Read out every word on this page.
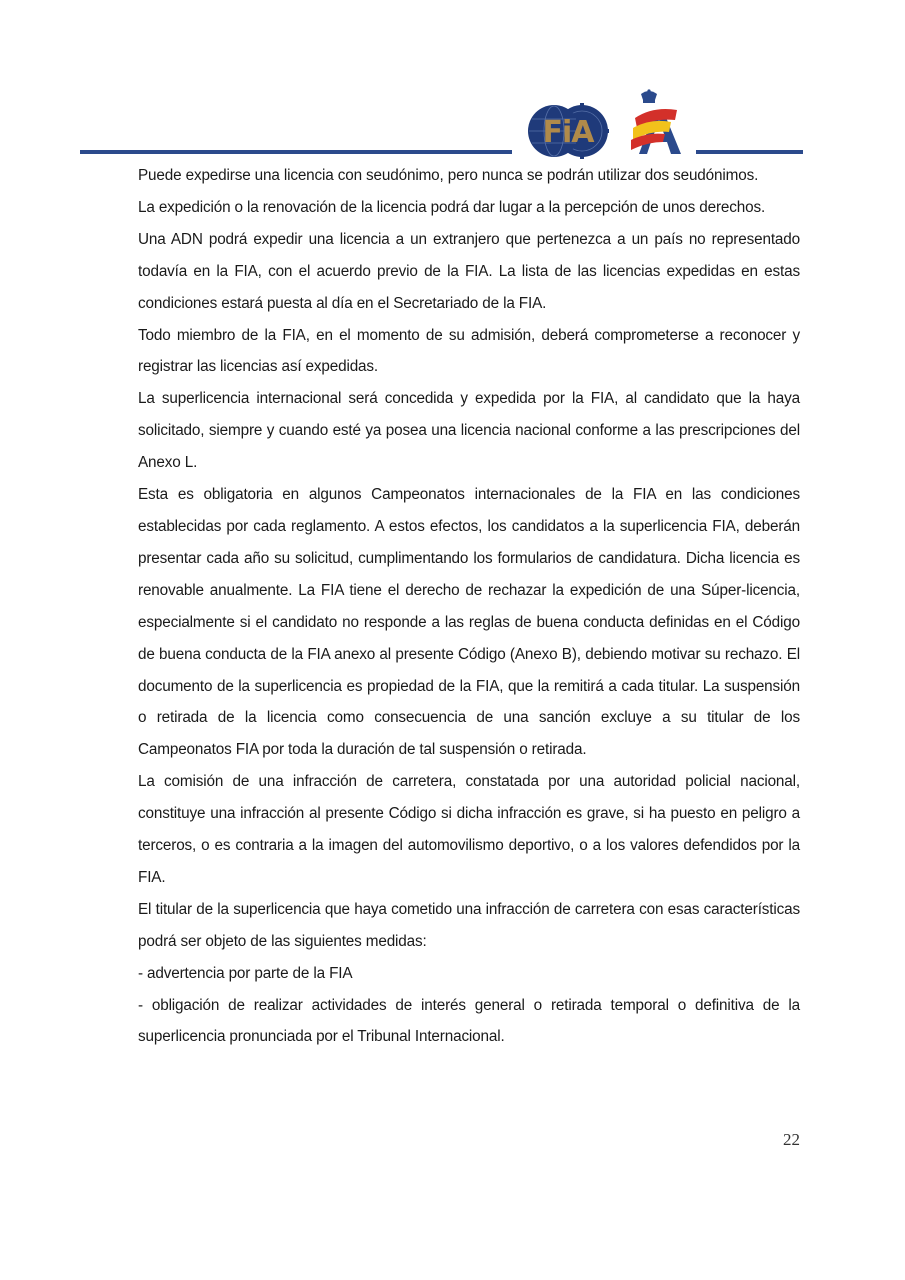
FiA

Puede expedirse una licencia con seudónimo, pero nunca se podrán utilizar dos seudónimos.

La expedición o la renovación de la licencia podrá dar lugar a la percepción de unos derechos.

Una ADN podrá expedir una licencia a un extranjero que pertenezca a un país no representado todavía en la FIA, con el acuerdo previo de la FIA. La lista de las licencias expedidas en estas condiciones estará puesta al día en el Secretariado de la FIA.

Todo miembro de la FIA, en el momento de su admisión, deberá comprometerse a reconocer y registrar las licencias así expedidas.

La superlicencia internacional será concedida y expedida por la FIA, al candidato que la haya solicitado, siempre y cuando esté ya posea una licencia nacional conforme a las prescripciones del Anexo L.

Esta es obligatoria en algunos Campeonatos internacionales de la FIA en las condiciones establecidas por cada reglamento. A estos efectos, los candidatos a la superlicencia FIA, deberán presentar cada año su solicitud, cumplimentando los formularios de candidatura. Dicha licencia es renovable anualmente. La FIA tiene el derecho de rechazar la expedición de una Súper-licencia, especialmente si el candidato no responde a las reglas de buena conducta definidas en el Código de buena conducta de la FIA anexo al presente Código (Anexo B), debiendo motivar su rechazo. El documento de la superlicencia es propiedad de la FIA, que la remitirá a cada titular. La suspensión o retirada de la licencia como consecuencia de una sanción excluye a su titular de los Campeonatos FIA por toda la duración de tal suspensión o retirada.

La comisión de una infracción de carretera, constatada por una autoridad policial nacional, constituye una infracción al presente Código si dicha infracción es grave, si ha puesto en peligro a terceros, o es contraria a la imagen del automovilismo deportivo, o a los valores defendidos por la FIA.

El titular de la superlicencia que haya cometido una infracción de carretera con esas características podrá ser objeto de las siguientes medidas:

- advertencia por parte de la FIA

- obligación de realizar actividades de interés general o retirada temporal o definitiva de la superlicencia pronunciada por el Tribunal Internacional.

22
